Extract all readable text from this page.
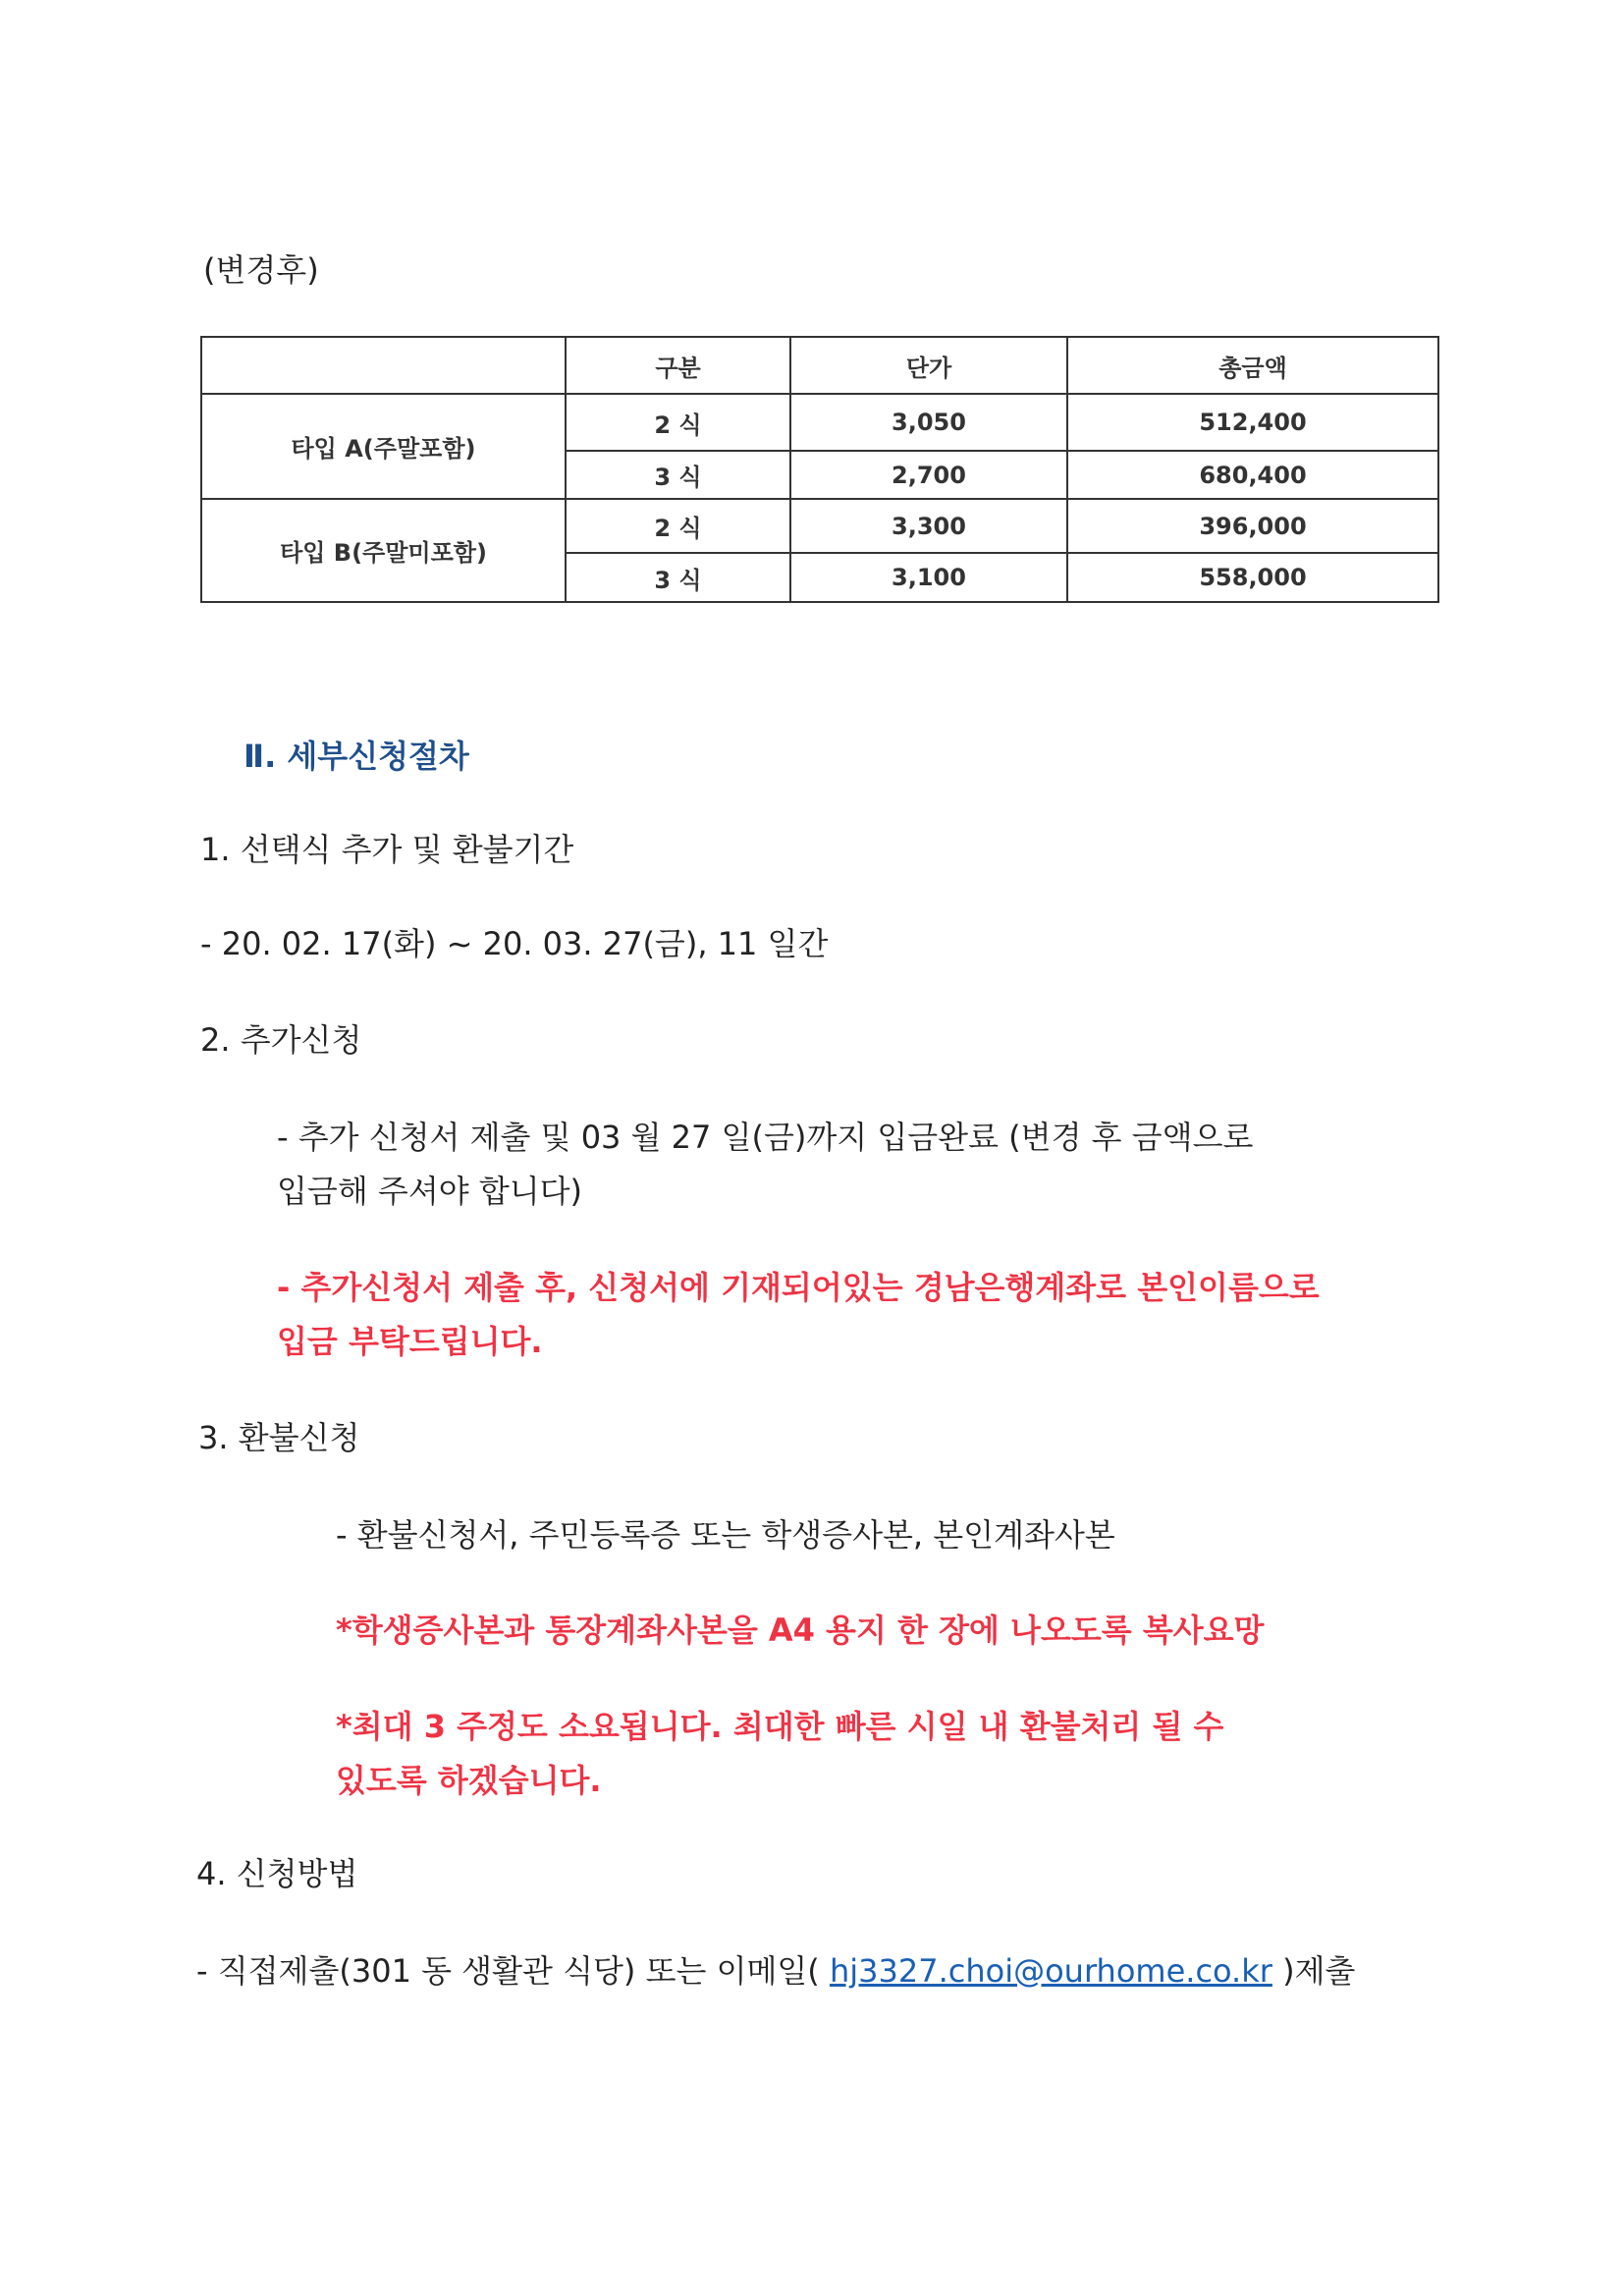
(변경후)
	구분	단가	총금액
타입 A(주말포함)	2 식	3,050	512,400
	3 식	2,700	680,400
타입 B(주말미포함)	2 식	3,300	396,000
	3 식	3,100	558,000
Ⅱ. 세부신청절차
1. 선택식 추가 및 환불기간
- 20. 02. 17(화) ~ 20. 03. 27(금), 11 일간
2. 추가신청
- 추가 신청서 제출 및 03 월 27 일(금)까지 입금완료 (변경 후 금액으로
입금해 주셔야 합니다)
- 추가신청서 제출 후, 신청서에 기재되어있는 경남은행계좌로 본인이름으로
입금 부탁드립니다.
3. 환불신청
- 환불신청서, 주민등록증 또는 학생증사본, 본인계좌사본
*학생증사본과 통장계좌사본을 A4 용지 한 장에 나오도록 복사요망
*최대 3 주정도 소요됩니다. 최대한 빠른 시일 내 환불처리 될 수
있도록 하겠습니다.
4. 신청방법
- 직접제출(301 동 생활관 식당) 또는 이메일( hj3327.choi@ourhome.co.kr )제출
